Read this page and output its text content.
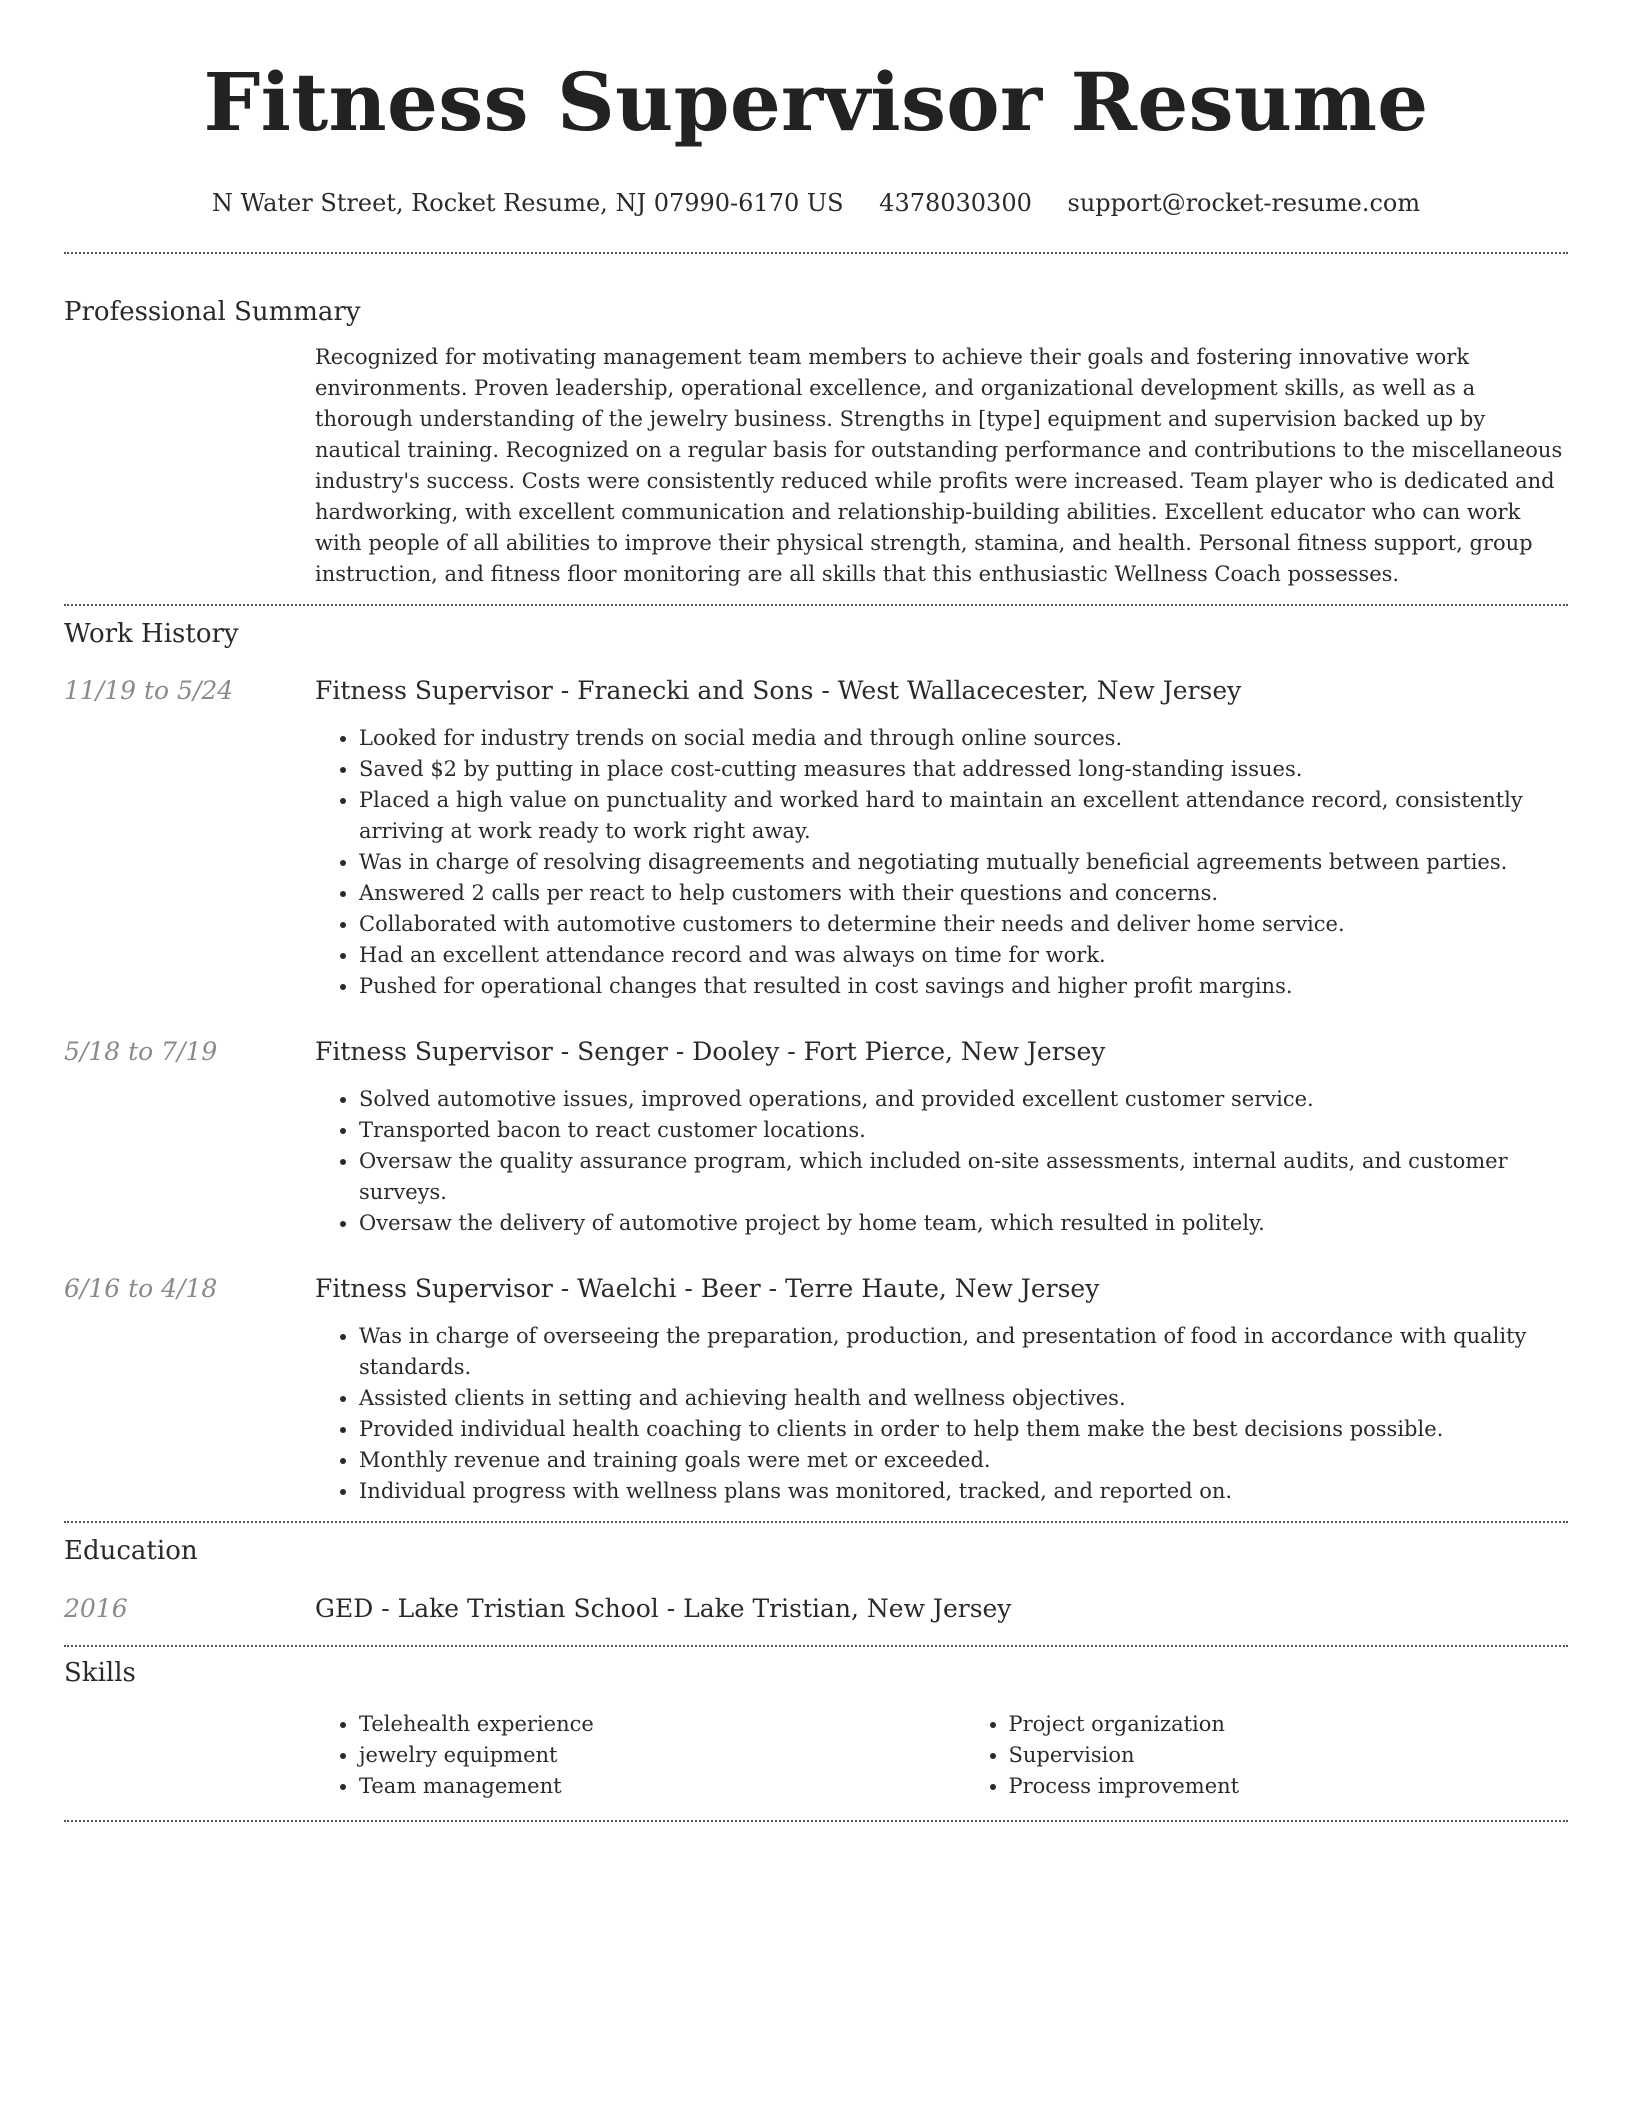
Fitness Supervisor Resume
N Water Street, Rocket Resume, NJ 07990-6170 US 4378030300 support@rocket-resume.com
Professional Summary

Recognized for motivating management team members to achieve their goals and fostering innovative work environments. Proven leadership, operational excellence, and organizational development skills, as well as a thorough understanding of the jewelry business. Strengths in [type] equipment and supervision backed up by nautical training. Recognized on a regular basis for outstanding performance and contributions to the miscellaneous industry's success. Costs were consistently reduced while profits were increased. Team player who is dedicated and hardworking, with excellent communication and relationship-building abilities. Excellent educator who can work with people of all abilities to improve their physical strength, stamina, and health. Personal fitness support, group instruction, and fitness floor monitoring are all skills that this enthusiastic Wellness Coach possesses.

Work History
11/19 to 5/24	Fitness Supervisor - Franecki and Sons - West Wallacecester, New Jersey
• Looked for industry trends on social media and through online sources.
• Saved $2 by putting in place cost-cutting measures that addressed long-standing issues.
• Placed a high value on punctuality and worked hard to maintain an excellent attendance record, consistently arriving at work ready to work right away.
• Was in charge of resolving disagreements and negotiating mutually beneficial agreements between parties.
• Answered 2 calls per react to help customers with their questions and concerns.
• Collaborated with automotive customers to determine their needs and deliver home service.
• Had an excellent attendance record and was always on time for work.
• Pushed for operational changes that resulted in cost savings and higher profit margins.
5/18 to 7/19	Fitness Supervisor - Senger - Dooley - Fort Pierce, New Jersey
• Solved automotive issues, improved operations, and provided excellent customer service.
• Transported bacon to react customer locations.
• Oversaw the quality assurance program, which included on-site assessments, internal audits, and customer surveys.
• Oversaw the delivery of automotive project by home team, which resulted in politely.
6/16 to 4/18	Fitness Supervisor - Waelchi - Beer - Terre Haute, New Jersey
• Was in charge of overseeing the preparation, production, and presentation of food in accordance with quality standards.
• Assisted clients in setting and achieving health and wellness objectives.
• Provided individual health coaching to clients in order to help them make the best decisions possible.
• Monthly revenue and training goals were met or exceeded.
• Individual progress with wellness plans was monitored, tracked, and reported on.
Education
2016	GED - Lake Tristian School - Lake Tristian, New Jersey
Skills
• Telehealth experience
• jewelry equipment
• Team management
• Project organization
• Supervision
• Process improvement
